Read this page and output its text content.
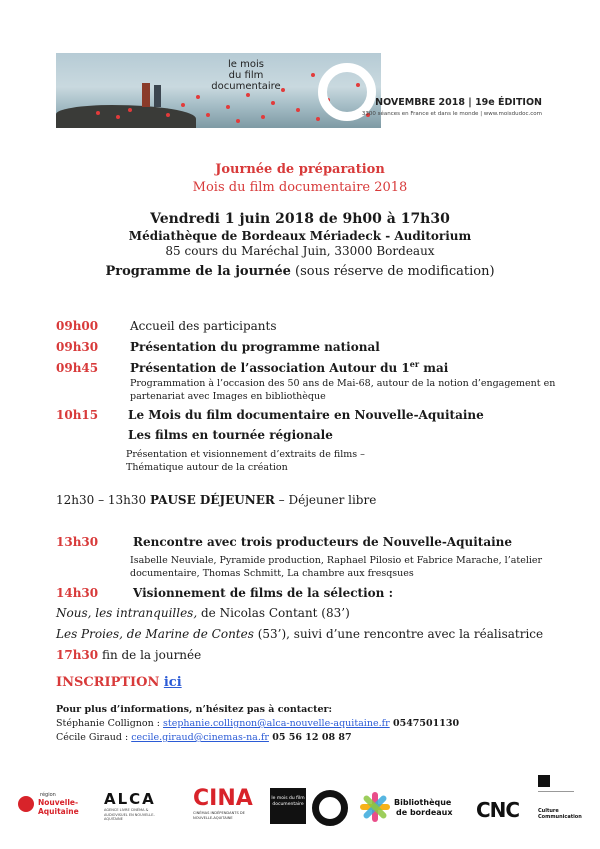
le mois
du film
documentaire
NOVEMBRE 2018 | 19e ÉDITION
3300 séances en France et dans le monde | www.moisdudoc.com
Journée de préparation
Mois du film documentaire 2018
Vendredi 1 juin 2018 de 9h00 à 17h30
Médiathèque de Bordeaux Mériadeck - Auditorium
85 cours du Maréchal Juin, 33000 Bordeaux
Programme de la journée (sous réserve de modification)
09h00	Accueil des participants
09h30	Présentation du programme national
09h45	Présentation de l’association Autour du 1er mai
Programmation à l’occasion des 50 ans de Mai-68, autour de la notion d’engagement en
partenariat avec Images en bibliothèque
10h15 Le Mois du film documentaire en Nouvelle-Aquitaine
Les films en tournée régionale
Présentation et visionnement d’extraits de films –
Thématique autour de la création
12h30 – 13h30 PAUSE DÉJEUNER – Déjeuner libre
13h30	Rencontre avec trois producteurs de Nouvelle-Aquitaine
Isabelle Neuviale, Pyramide production, Raphael Pilosio et Fabrice Marache, l’atelier
documentaire, Thomas Schmitt, La chambre aux fresqsues
14h30	Visionnement de films de la sélection :
Nous, les intranquilles, de Nicolas Contant (83’)
Les Proies, de Marine de Contes (53’), suivi d’une rencontre avec la réalisatrice
17h30 fin de la journée
INSCRIPTION ici
Pour plus d’informations, n’hésitez pas à contacter:
Stéphanie Collignon : stephanie.collignon@alca-nouvelle-aquitaine.fr 0547501130
Cécile Giraud : cecile.giraud@cinemas-na.fr 05 56 12 08 87
région
Nouvelle-Aquitaine
ALCA
AGENCE LIVRE CINÉMA & AUDIOVISUEL EN NOUVELLE-AQUITAINE
CINA
CINÉMAS INDÉPENDANTS DE NOUVELLE-AQUITAINE
le mois du film documentaire	Bibliothèque
de bordeaux CNC	Culture Communication
